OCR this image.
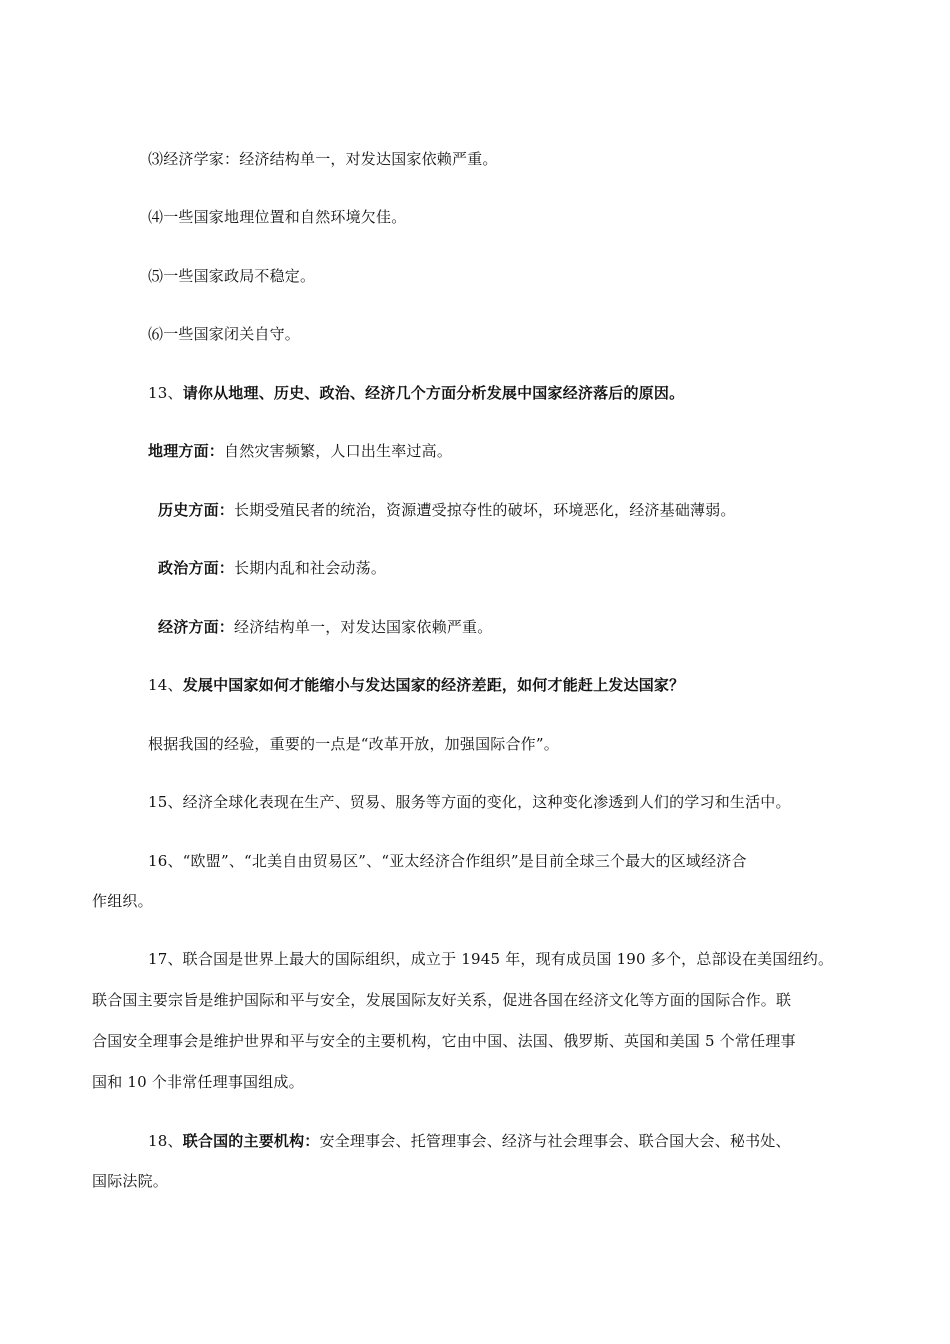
⑶经济学家：经济结构单一，对发达国家依赖严重。
⑷一些国家地理位置和自然环境欠佳。
⑸一些国家政局不稳定。
⑹一些国家闭关自守。
13、请你从地理、历史、政治、经济几个方面分析发展中国家经济落后的原因。
地理方面：自然灾害频繁，人口出生率过高。
历史方面：长期受殖民者的统治，资源遭受掠夺性的破坏，环境恶化，经济基础薄弱。
政治方面：长期内乱和社会动荡。
经济方面：经济结构单一，对发达国家依赖严重。
14、发展中国家如何才能缩小与发达国家的经济差距，如何才能赶上发达国家？
根据我国的经验，重要的一点是“改革开放，加强国际合作”。
15、经济全球化表现在生产、贸易、服务等方面的变化，这种变化渗透到人们的学习和生活中。
16、“欧盟”、“北美自由贸易区”、“亚太经济合作组织”是目前全球三个最大的区域经济合
作组织。
17、联合国是世界上最大的国际组织，成立于 1945 年，现有成员国 190 多个，总部设在美国纽约。
联合国主要宗旨是维护国际和平与安全，发展国际友好关系，促进各国在经济文化等方面的国际合作。联
合国安全理事会是维护世界和平与安全的主要机构，它由中国、法国、俄罗斯、英国和美国 5 个常任理事
国和 10 个非常任理事国组成。
18、联合国的主要机构：安全理事会、托管理事会、经济与社会理事会、联合国大会、秘书处、
国际法院。
